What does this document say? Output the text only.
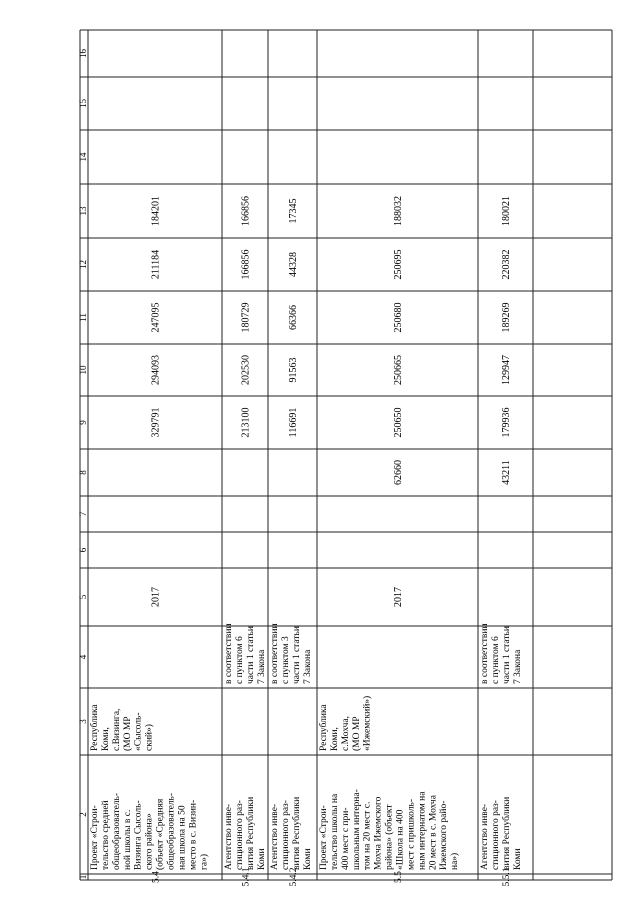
1
2
3
4
5
6
7
8
9
10
11
12
13
14
15
16
5.4
Проект «Строи- тельство средней общеобразователь- ной школы в с. Визинга Сысоль- ского района» (объект «Средняя общеобразователь- ная школа на 50 место в с. Визин- га»)
Республика Коми, с.Визинга, (МО МР «Сысоль- ский»)
2017
329791
294093
247095
211184
184201
5.4.1
Агентство инве- стиционного раз- вития Республики Коми
в соответствии с пунктом 6 части 1 статьи 7 Закона
213100
202530
180729
166856
166856
5.4.2
Агентство инве- стиционного раз- вития Республики Коми
в соответствии с пунктом 3 части 1 статьи 7 Закона
116691
91563
66366
44328
17345
5.5
Проект «Строи- тельство школы на 400 мест с при- школьным интерна- том на 20 мест с. Мохча Ижемского района» (объект «Школа на 400 мест с пришколь- ным интернатом на 20 мест в с. Мохча Ижемского райо- на»)
Республика Коми, с.Мохча, (МО МР «Ижемский»)
2017
62660
250650
250665
250680
250695
188032
5.5.1
Агентство инве- стиционного раз- вития Республики Коми
в соответствии с пунктом 6 части 1 статьи 7 Закона
43211
179936
129947
189269
220382
180021
